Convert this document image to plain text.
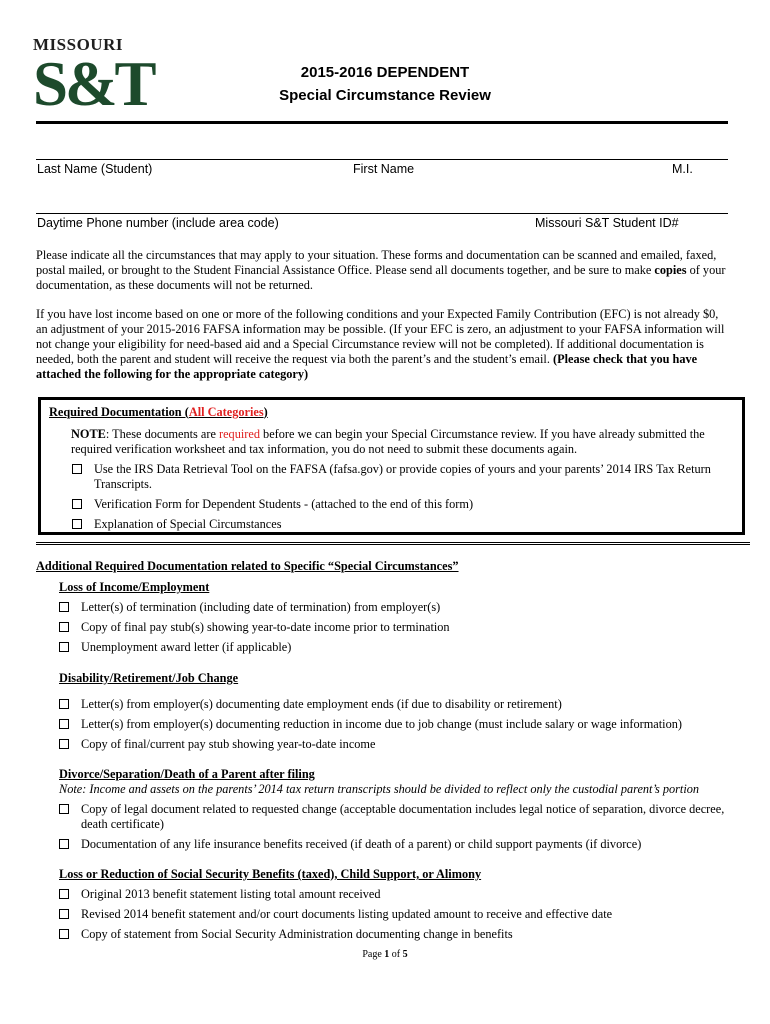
MISSOURI
S&T	2015-2016 DEPENDENT
Special Circumstance Review
Last Name (Student)	First Name	M.I.
Daytime Phone number (include area code)	Missouri S&T Student ID#
Please indicate all the circumstances that may apply to your situation. These forms and documentation can be scanned and emailed, faxed, postal mailed, or brought to the Student Financial Assistance Office. Please send all documents together, and be sure to make copies of your documentation, as these documents will not be returned.
If you have lost income based on one or more of the following conditions and your Expected Family Contribution (EFC) is not already $0, an adjustment of your 2015-2016 FAFSA information may be possible. (If your EFC is zero, an adjustment to your FAFSA information will not change your eligibility for need-based aid and a Special Circumstance review will not be completed). If additional documentation is needed, both the parent and student will receive the request via both the parent’s and the student’s email. (Please check that you have attached the following for the appropriate category)
Required Documentation (All Categories)
NOTE: These documents are required before we can begin your Special Circumstance review. If you have already submitted the required verification worksheet and tax information, you do not need to submit these documents again.
Use the IRS Data Retrieval Tool on the FAFSA (fafsa.gov) or provide copies of yours and your parents’ 2014 IRS Tax Return Transcripts.
Verification Form for Dependent Students - (attached to the end of this form)
Explanation of Special Circumstances
Additional Required Documentation related to Specific “Special Circumstances”
Loss of Income/Employment
Letter(s) of termination (including date of termination) from employer(s)
Copy of final pay stub(s) showing year-to-date income prior to termination
Unemployment award letter (if applicable)
Disability/Retirement/Job Change
Letter(s) from employer(s) documenting date employment ends (if due to disability or retirement)
Letter(s) from employer(s) documenting reduction in income due to job change (must include salary or wage information)
Copy of final/current pay stub showing year-to-date income
Divorce/Separation/Death of a Parent after filing
Note: Income and assets on the parents’ 2014 tax return transcripts should be divided to reflect only the custodial parent’s portion
Copy of legal document related to requested change (acceptable documentation includes legal notice of separation, divorce decree, death certificate)
Documentation of any life insurance benefits received (if death of a parent) or child support payments (if divorce)
Loss or Reduction of Social Security Benefits (taxed), Child Support, or Alimony
Original 2013 benefit statement listing total amount received
Revised 2014 benefit statement and/or court documents listing updated amount to receive and effective date
Copy of statement from Social Security Administration documenting change in benefits
Page 1 of 5
